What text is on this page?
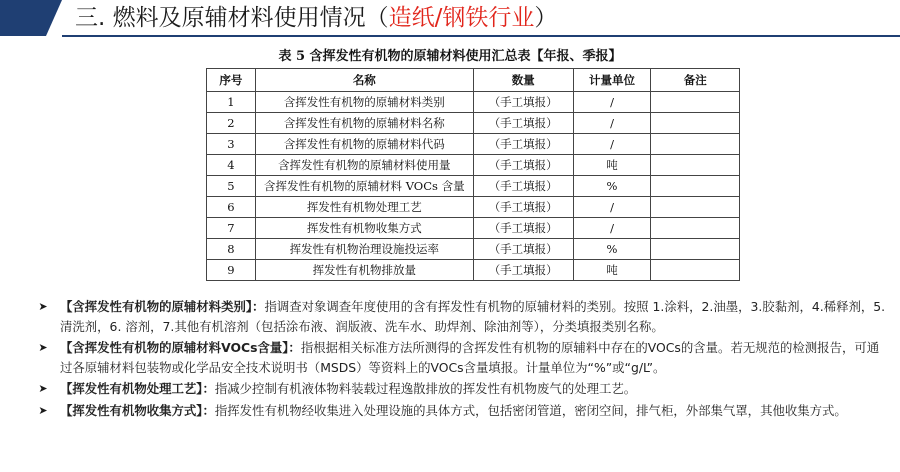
三. 燃料及原辅材料使用情况（造纸/钢铁行业）
表 5 含挥发性有机物的原辅材料使用汇总表【年报、季报】
序号	名称	数量	计量单位	备注
1	含挥发性有机物的原辅材料类别	（手工填报）	/	
2	含挥发性有机物的原辅材料名称	（手工填报）	/	
3	含挥发性有机物的原辅材料代码	（手工填报）	/	
4	含挥发性有机物的原辅材料使用量	（手工填报）	吨	
5	含挥发性有机物的原辅材料 VOCs 含量	（手工填报）	%	
6	挥发性有机物处理工艺	（手工填报）	/	
7	挥发性有机物收集方式	（手工填报）	/	
8	挥发性有机物治理设施投运率	（手工填报）	%	
9	挥发性有机物排放量	（手工填报）	吨	
➤ 【含挥发性有机物的原辅材料类别】：指调查对象调查年度使用的含有挥发性有机物的原辅材料的类别。按照 1.涂料，2.油墨，3.胶黏剂，4.稀释剂，5.清洗剂，6. 溶剂，7.其他有机溶剂（包括涂布液、润版液、洗车水、助焊剂、除油剂等），分类填报类别名称。
➤ 【含挥发性有机物的原辅材料VOCs含量】：指根据相关标准方法所测得的含挥发性有机物的原辅料中存在的VOCs的含量。若无规范的检测报告，可通过各原辅材料包装物或化学品安全技术说明书（MSDS）等资料上的VOCs含量填报。计量单位为“%”或“g/L”。
➤ 【挥发性有机物处理工艺】：指减少控制有机液体物料装载过程逸散排放的挥发性有机物废气的处理工艺。
➤ 【挥发性有机物收集方式】：指挥发性有机物经收集进入处理设施的具体方式，包括密闭管道，密闭空间，排气柜，外部集气罩，其他收集方式。
